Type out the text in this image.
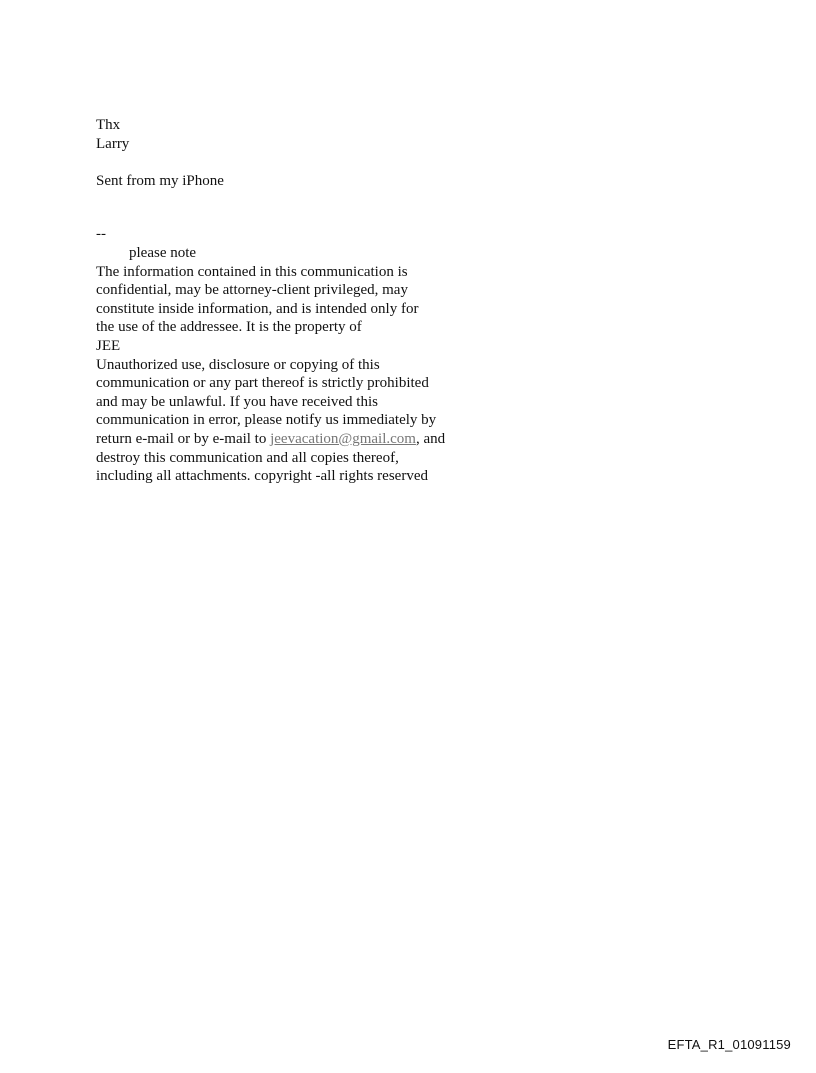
Thx
Larry
Sent from my iPhone
--
please note
The information contained in this communication is
confidential, may be attorney-client privileged, may
constitute inside information, and is intended only for
the use of the addressee. It is the property of
JEE
Unauthorized use, disclosure or copying of this
communication or any part thereof is strictly prohibited
and may be unlawful. If you have received this
communication in error, please notify us immediately by
return e-mail or by e-mail to jeevacation@gmail.com, and
destroy this communication and all copies thereof,
including all attachments. copyright -all rights reserved
EFTA_R1_01091159
